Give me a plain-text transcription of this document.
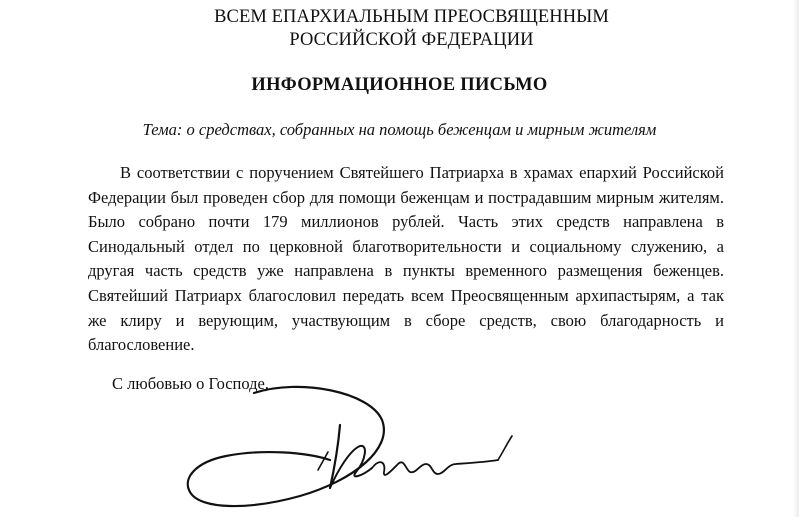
ВСЕМ ЕПАРХИАЛЬНЫМ ПРЕОСВЯЩЕННЫМ
РОССИЙСКОЙ ФЕДЕРАЦИИ
ИНФОРМАЦИОННОЕ ПИСЬМО
Тема: о средствах, собранных на помощь беженцам и мирным жителям

В соответствии с поручением Святейшего Патриарха в храмах епархий Российской Федерации был проведен сбор для помощи беженцам и пострадавшим мирным жителям. Было собрано почти 179 миллионов рублей. Часть этих средств направлена в Синодальный отдел по церковной благотворительности и социальному служению, а другая часть средств уже направлена в пункты временного размещения беженцев. Святейший Патриарх благословил передать всем Преосвященным архипастырям, а так же клиру и верующим, участвующим в сборе средств, свою благодарность и благословение.

С любовью о Господе,
